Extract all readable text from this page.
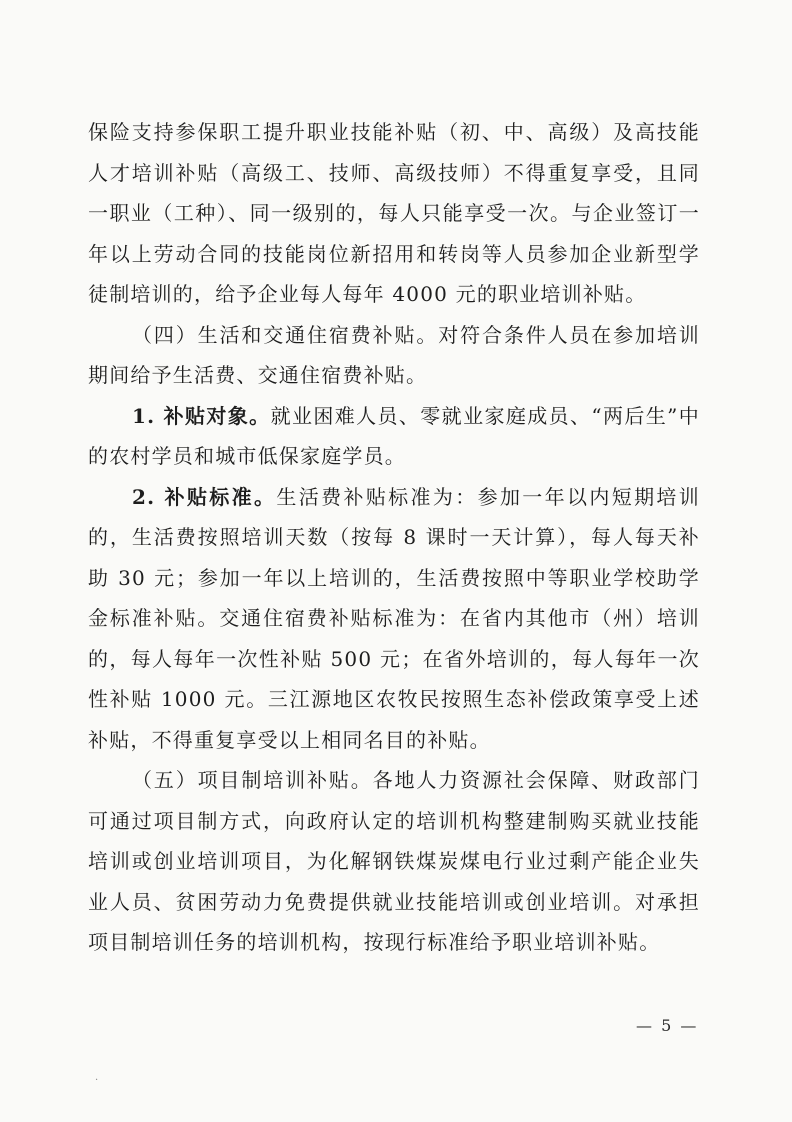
保险支持参保职工提升职业技能补贴（初、中、高级）及高技能人才培训补贴（高级工、技师、高级技师）不得重复享受，且同一职业（工种）、同一级别的，每人只能享受一次。与企业签订一年以上劳动合同的技能岗位新招用和转岗等人员参加企业新型学徒制培训的，给予企业每人每年 4000 元的职业培训补贴。

（四）生活和交通住宿费补贴。对符合条件人员在参加培训期间给予生活费、交通住宿费补贴。

1. 补贴对象。就业困难人员、零就业家庭成员、“两后生”中的农村学员和城市低保家庭学员。

2. 补贴标准。生活费补贴标准为：参加一年以内短期培训的，生活费按照培训天数（按每 8 课时一天计算），每人每天补助 30 元；参加一年以上培训的，生活费按照中等职业学校助学金标准补贴。交通住宿费补贴标准为：在省内其他市（州）培训的，每人每年一次性补贴 500 元；在省外培训的，每人每年一次性补贴 1000 元。三江源地区农牧民按照生态补偿政策享受上述补贴，不得重复享受以上相同名目的补贴。

（五）项目制培训补贴。各地人力资源社会保障、财政部门可通过项目制方式，向政府认定的培训机构整建制购买就业技能培训或创业培训项目，为化解钢铁煤炭煤电行业过剩产能企业失业人员、贫困劳动力免费提供就业技能培训或创业培训。对承担项目制培训任务的培训机构，按现行标准给予职业培训补贴。

— 5 —
·
